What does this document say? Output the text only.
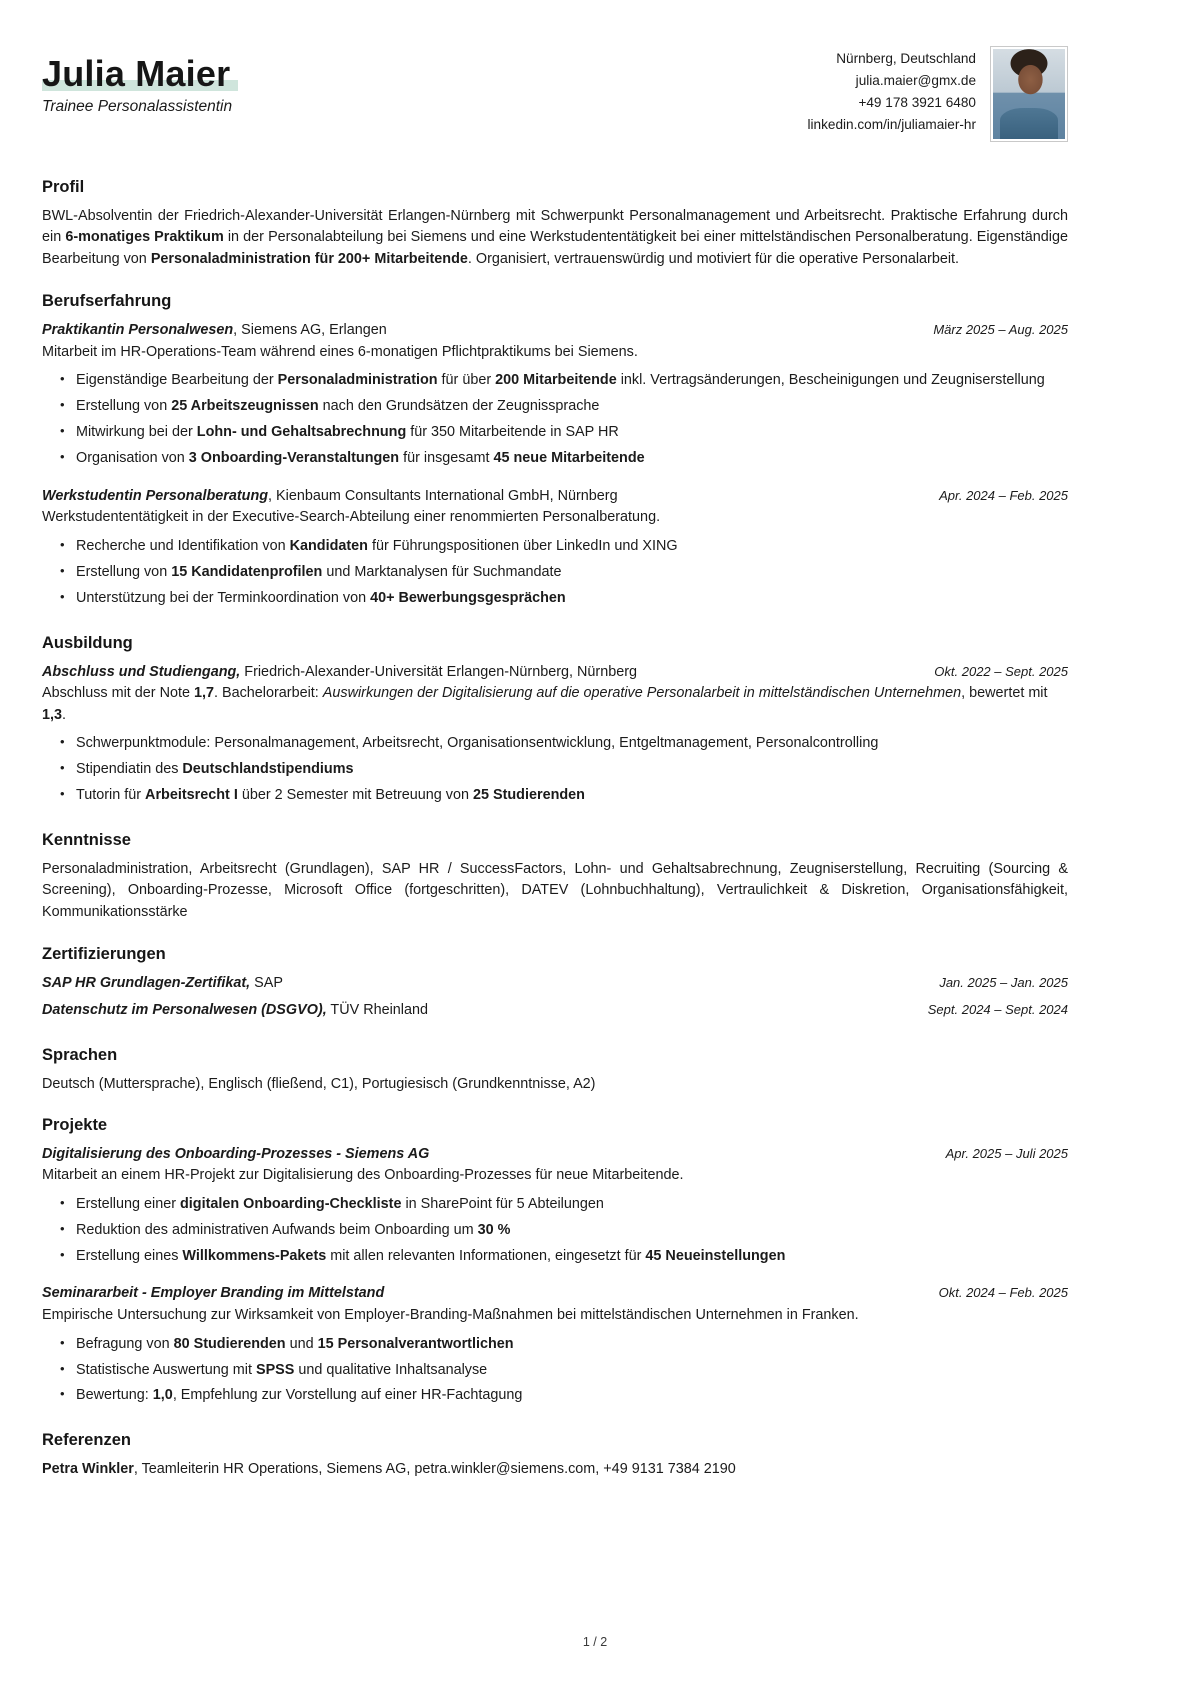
Julia Maier
Trainee Personalassistentin
Nürnberg, Deutschland
julia.maier@gmx.de
+49 178 3921 6480
linkedin.com/in/juliamaier-hr
Profil

BWL-Absolventin der Friedrich-Alexander-Universität Erlangen-Nürnberg mit Schwerpunkt Personalmanagement und Arbeitsrecht. Praktische Erfahrung durch ein 6-monatiges Praktikum in der Personalabteilung bei Siemens und eine Werkstudententätigkeit bei einer mittelständischen Personalberatung. Eigenständige Bearbeitung von Personaladministration für 200+ Mitarbeitende. Organisiert, vertrauenswürdig und motiviert für die operative Personalarbeit.

Berufserfahrung
Praktikantin Personalwesen, Siemens AG, Erlangen	März 2025 – Aug. 2025
Mitarbeit im HR-Operations-Team während eines 6-monatigen Pflichtpraktikums bei Siemens.
• Eigenständige Bearbeitung der Personaladministration für über 200 Mitarbeitende inkl. Vertragsänderungen, Bescheinigungen und Zeugniserstellung
• Erstellung von 25 Arbeitszeugnissen nach den Grundsätzen der Zeugnissprache
• Mitwirkung bei der Lohn- und Gehaltsabrechnung für 350 Mitarbeitende in SAP HR
• Organisation von 3 Onboarding-Veranstaltungen für insgesamt 45 neue Mitarbeitende
Werkstudentin Personalberatung, Kienbaum Consultants International GmbH, Nürnberg	Apr. 2024 – Feb. 2025
Werkstudententätigkeit in der Executive-Search-Abteilung einer renommierten Personalberatung.
• Recherche und Identifikation von Kandidaten für Führungspositionen über LinkedIn und XING
• Erstellung von 15 Kandidatenprofilen und Marktanalysen für Suchmandate
• Unterstützung bei der Terminkoordination von 40+ Bewerbungsgesprächen
Ausbildung
Abschluss und Studiengang, Friedrich-Alexander-Universität Erlangen-Nürnberg, Nürnberg	Okt. 2022 – Sept. 2025
Abschluss mit der Note 1,7. Bachelorarbeit: Auswirkungen der Digitalisierung auf die operative Personalarbeit in mittelständischen Unternehmen, bewertet mit 1,3.
• Schwerpunktmodule: Personalmanagement, Arbeitsrecht, Organisationsentwicklung, Entgeltmanagement, Personalcontrolling
• Stipendiatin des Deutschlandstipendiums
• Tutorin für Arbeitsrecht I über 2 Semester mit Betreuung von 25 Studierenden
Kenntnisse

Personaladministration, Arbeitsrecht (Grundlagen), SAP HR / SuccessFactors, Lohn- und Gehaltsabrechnung, Zeugniserstellung, Recruiting (Sourcing & Screening), Onboarding-Prozesse, Microsoft Office (fortgeschritten), DATEV (Lohnbuchhaltung), Vertraulichkeit & Diskretion, Organisationsfähigkeit, Kommunikationsstärke

Zertifizierungen
SAP HR Grundlagen-Zertifikat, SAP	Jan. 2025 – Jan. 2025
Datenschutz im Personalwesen (DSGVO), TÜV Rheinland	Sept. 2024 – Sept. 2024
Sprachen

Deutsch (Muttersprache), Englisch (fließend, C1), Portugiesisch (Grundkenntnisse, A2)

Projekte
Digitalisierung des Onboarding-Prozesses - Siemens AG	Apr. 2025 – Juli 2025
Mitarbeit an einem HR-Projekt zur Digitalisierung des Onboarding-Prozesses für neue Mitarbeitende.
• Erstellung einer digitalen Onboarding-Checkliste in SharePoint für 5 Abteilungen
• Reduktion des administrativen Aufwands beim Onboarding um 30 %
• Erstellung eines Willkommens-Pakets mit allen relevanten Informationen, eingesetzt für 45 Neueinstellungen
Seminararbeit - Employer Branding im Mittelstand	Okt. 2024 – Feb. 2025
Empirische Untersuchung zur Wirksamkeit von Employer-Branding-Maßnahmen bei mittelständischen Unternehmen in Franken.
• Befragung von 80 Studierenden und 15 Personalverantwortlichen
• Statistische Auswertung mit SPSS und qualitative Inhaltsanalyse
• Bewertung: 1,0, Empfehlung zur Vorstellung auf einer HR-Fachtagung
Referenzen

Petra Winkler, Teamleiterin HR Operations, Siemens AG, petra.winkler@siemens.com, +49 9131 7384 2190

1 / 2
